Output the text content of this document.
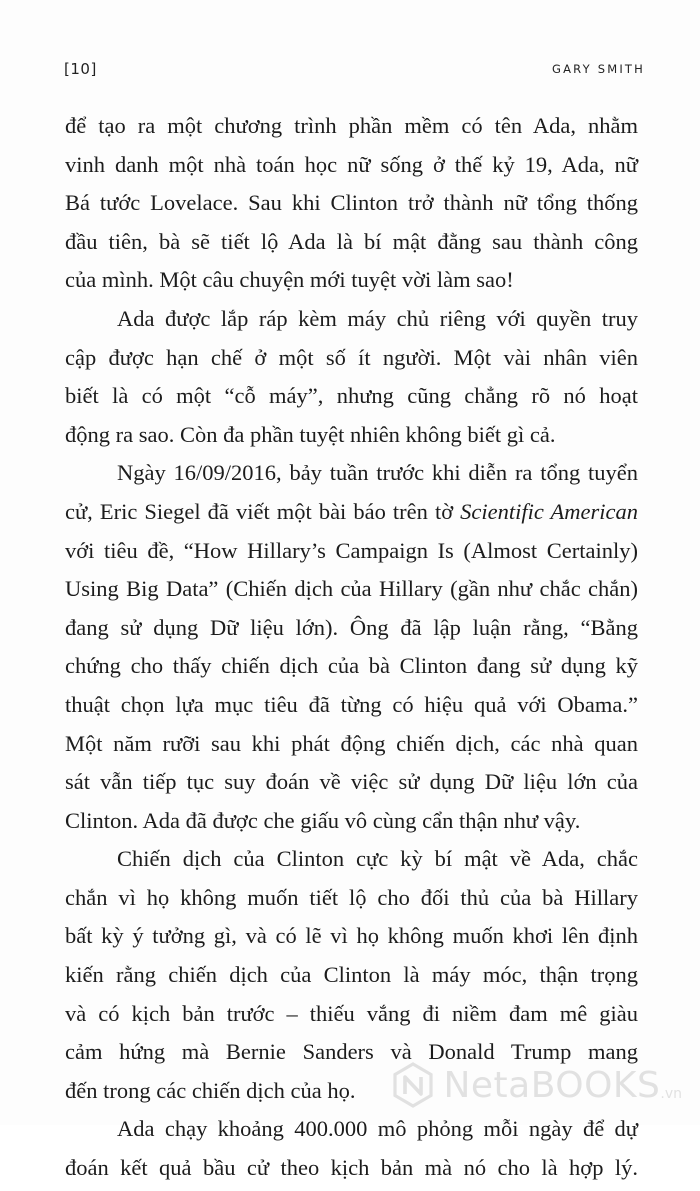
[10]	GARY SMITH
để tạo ra một chương trình phần mềm có tên Ada, nhằm
vinh danh một nhà toán học nữ sống ở thế kỷ 19, Ada, nữ
Bá tước Lovelace. Sau khi Clinton trở thành nữ tổng thống
đầu tiên, bà sẽ tiết lộ Ada là bí mật đằng sau thành công
của mình. Một câu chuyện mới tuyệt vời làm sao!
Ada được lắp ráp kèm máy chủ riêng với quyền truy
cập được hạn chế ở một số ít người. Một vài nhân viên
biết là có một “cỗ máy”, nhưng cũng chẳng rõ nó hoạt
động ra sao. Còn đa phần tuyệt nhiên không biết gì cả.
Ngày 16/09/2016, bảy tuần trước khi diễn ra tổng tuyển
cử, Eric Siegel đã viết một bài báo trên tờ Scientific American
với tiêu đề, “How Hillary’s Campaign Is (Almost Certainly)
Using Big Data” (Chiến dịch của Hillary (gần như chắc chắn)
đang sử dụng Dữ liệu lớn). Ông đã lập luận rằng, “Bằng
chứng cho thấy chiến dịch của bà Clinton đang sử dụng kỹ
thuật chọn lựa mục tiêu đã từng có hiệu quả với Obama.”
Một năm rưỡi sau khi phát động chiến dịch, các nhà quan
sát vẫn tiếp tục suy đoán về việc sử dụng Dữ liệu lớn của
Clinton. Ada đã được che giấu vô cùng cẩn thận như vậy.
Chiến dịch của Clinton cực kỳ bí mật về Ada, chắc
chắn vì họ không muốn tiết lộ cho đối thủ của bà Hillary
bất kỳ ý tưởng gì, và có lẽ vì họ không muốn khơi lên định
kiến rằng chiến dịch của Clinton là máy móc, thận trọng
và có kịch bản trước – thiếu vắng đi niềm đam mê giàu
cảm hứng mà Bernie Sanders và Donald Trump mang
đến trong các chiến dịch của họ.
Ada chạy khoảng 400.000 mô phỏng mỗi ngày để dự
đoán kết quả bầu cử theo kịch bản mà nó cho là hợp lý.
NetaBOOKS .vn
